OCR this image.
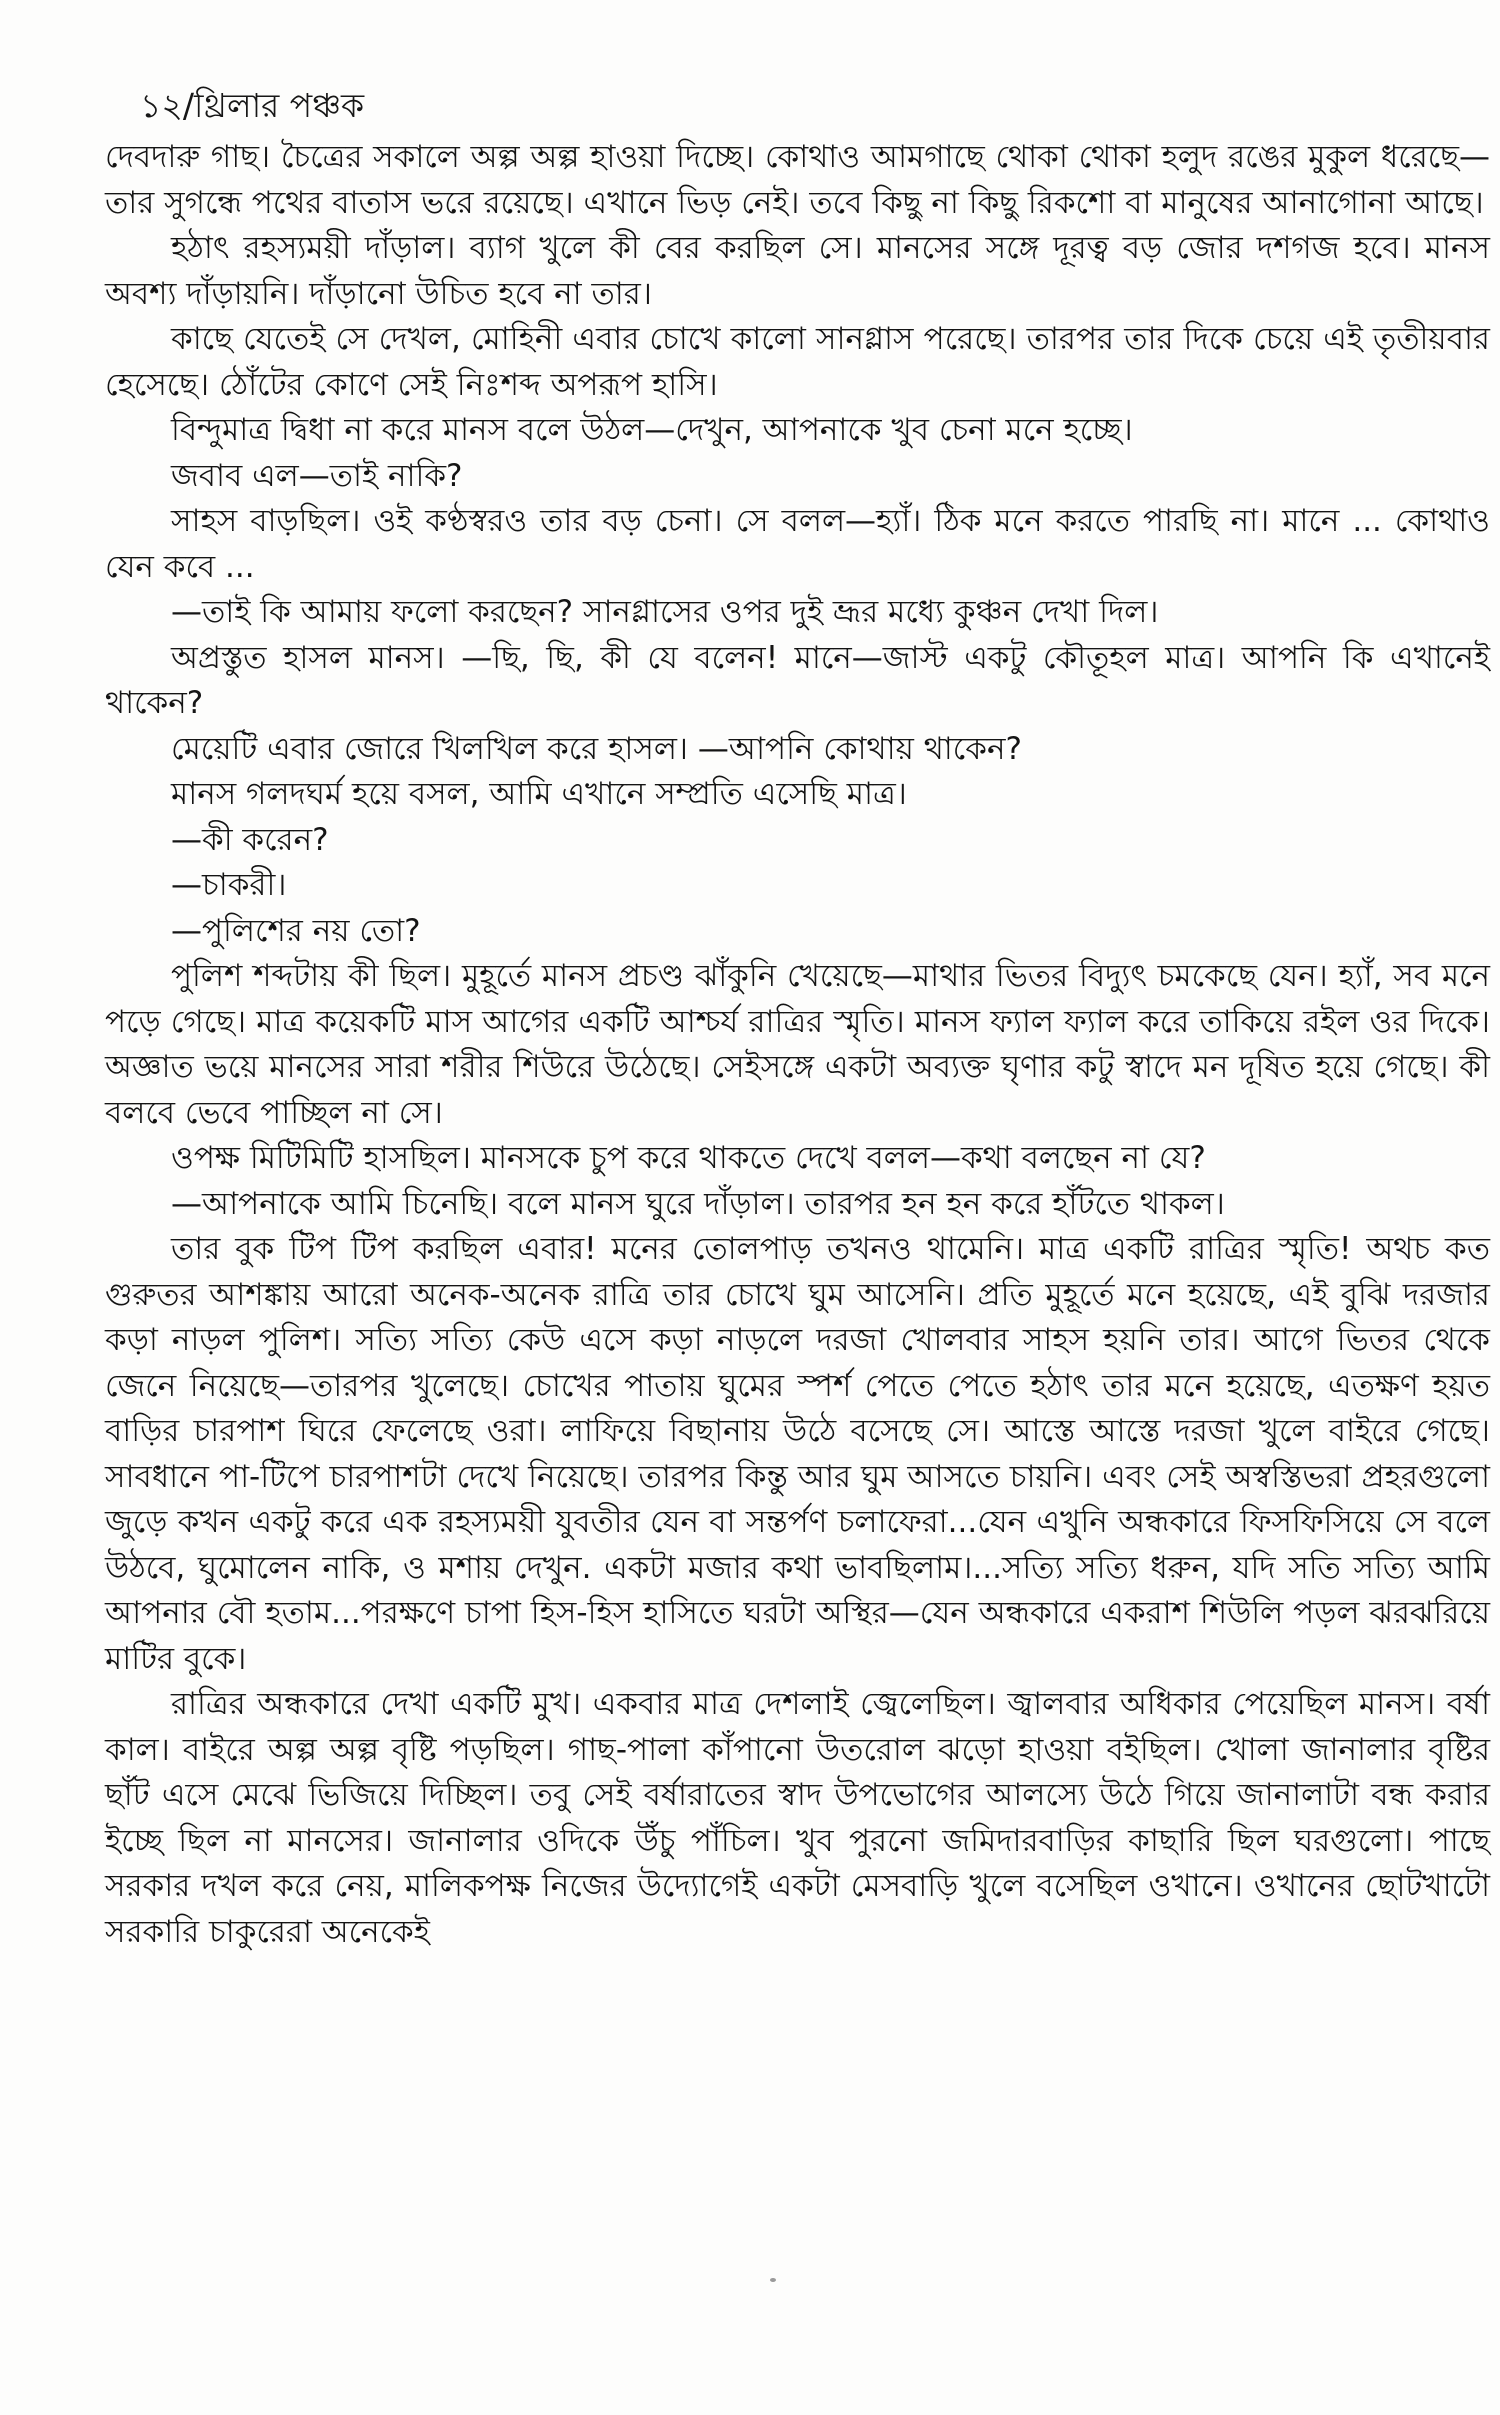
১২/থ্রিলার পঞ্চক

দেবদারু গাছ। চৈত্রের সকালে অল্প অল্প হাওয়া দিচ্ছে। কোথাও আমগাছে থোকা থোকা হলুদ রঙের মুকুল ধরেছে—তার সুগন্ধে পথের বাতাস ভরে রয়েছে। এখানে ভিড় নেই। তবে কিছু না কিছু রিকশো বা মানুষের আনাগোনা আছে।

হঠাৎ রহস্যময়ী দাঁড়াল। ব্যাগ খুলে কী বের করছিল সে। মানসের সঙ্গে দূরত্ব বড় জোর দশগজ হবে। মানস অবশ্য দাঁড়ায়নি। দাঁড়ানো উচিত হবে না তার।

কাছে যেতেই সে দেখল, মোহিনী এবার চোখে কালো সানগ্লাস পরেছে। তারপর তার দিকে চেয়ে এই তৃতীয়বার হেসেছে। ঠোঁটের কোণে সেই নিঃশব্দ অপরূপ হাসি।

বিন্দুমাত্র দ্বিধা না করে মানস বলে উঠল—দেখুন, আপনাকে খুব চেনা মনে হচ্ছে।

জবাব এল—তাই নাকি?

সাহস বাড়ছিল। ওই কণ্ঠস্বরও তার বড় চেনা। সে বলল—হ্যাঁ। ঠিক মনে করতে পারছি না। মানে ... কোথাও যেন কবে ...

—তাই কি আমায় ফলো করছেন? সানগ্লাসের ওপর দুই ভ্রূর মধ্যে কুঞ্চন দেখা দিল।

অপ্রস্তুত হাসল মানস। —ছি, ছি, কী যে বলেন! মানে—জাস্ট একটু কৌতূহল মাত্র। আপনি কি এখানেই থাকেন?

মেয়েটি এবার জোরে খিলখিল করে হাসল। —আপনি কোথায় থাকেন?

মানস গলদঘর্ম হয়ে বসল, আমি এখানে সম্প্রতি এসেছি মাত্র।

—কী করেন?

—চাকরী।

—পুলিশের নয় তো?

পুলিশ শব্দটায় কী ছিল। মুহূর্তে মানস প্রচণ্ড ঝাঁকুনি খেয়েছে—মাথার ভিতর বিদ্যুৎ চমকেছে যেন। হ্যাঁ, সব মনে পড়ে গেছে। মাত্র কয়েকটি মাস আগের একটি আশ্চর্য রাত্রির স্মৃতি। মানস ফ্যাল ফ্যাল করে তাকিয়ে রইল ওর দিকে। অজ্ঞাত ভয়ে মানসের সারা শরীর শিউরে উঠেছে। সেইসঙ্গে একটা অব্যক্ত ঘৃণার কটু স্বাদে মন দূষিত হয়ে গেছে। কী বলবে ভেবে পাচ্ছিল না সে।

ওপক্ষ মিটিমিটি হাসছিল। মানসকে চুপ করে থাকতে দেখে বলল—কথা বলছেন না যে?

—আপনাকে আমি চিনেছি। বলে মানস ঘুরে দাঁড়াল। তারপর হন হন করে হাঁটতে থাকল।

তার বুক টিপ টিপ করছিল এবার! মনের তোলপাড় তখনও থামেনি। মাত্র একটি রাত্রির স্মৃতি! অথচ কত গুরুতর আশঙ্কায় আরো অনেক-অনেক রাত্রি তার চোখে ঘুম আসেনি। প্রতি মুহূর্তে মনে হয়েছে, এই বুঝি দরজার কড়া নাড়ল পুলিশ। সত্যি সত্যি কেউ এসে কড়া নাড়লে দরজা খোলবার সাহস হয়নি তার। আগে ভিতর থেকে জেনে নিয়েছে—তারপর খুলেছে। চোখের পাতায় ঘুমের স্পর্শ পেতে পেতে হঠাৎ তার মনে হয়েছে, এতক্ষণ হয়ত বাড়ির চারপাশ ঘিরে ফেলেছে ওরা। লাফিয়ে বিছানায় উঠে বসেছে সে। আস্তে আস্তে দরজা খুলে বাইরে গেছে। সাবধানে পা-টিপে চারপাশটা দেখে নিয়েছে। তারপর কিন্তু আর ঘুম আসতে চায়নি। এবং সেই অস্বস্তিভরা প্রহরগুলো জুড়ে কখন একটু করে এক রহস্যময়ী যুবতীর যেন বা সন্তর্পণ চলাফেরা...যেন এখুনি অন্ধকারে ফিসফিসিয়ে সে বলে উঠবে, ঘুমোলেন নাকি, ও মশায় দেখুন. একটা মজার কথা ভাবছিলাম।...সত্যি সত্যি ধরুন, যদি সতি সত্যি আমি আপনার বৌ হতাম...পরক্ষণে চাপা হিস-হিস হাসিতে ঘরটা অস্থির—যেন অন্ধকারে একরাশ শিউলি পড়ল ঝরঝরিয়ে মাটির বুকে।

রাত্রির অন্ধকারে দেখা একটি মুখ। একবার মাত্র দেশলাই জ্বেলেছিল। জ্বালবার অধিকার পেয়েছিল মানস। বর্ষা কাল। বাইরে অল্প অল্প বৃষ্টি পড়ছিল। গাছ-পালা কাঁপানো উতরোল ঝড়ো হাওয়া বইছিল। খোলা জানালার বৃষ্টির ছাঁট এসে মেঝে ভিজিয়ে দিচ্ছিল। তবু সেই বর্ষারাতের স্বাদ উপভোগের আলস্যে উঠে গিয়ে জানালাটা বন্ধ করার ইচ্ছে ছিল না মানসের। জানালার ওদিকে উঁচু পাঁচিল। খুব পুরনো জমিদারবাড়ির কাছারি ছিল ঘরগুলো। পাছে সরকার দখল করে নেয়, মালিকপক্ষ নিজের উদ্যোগেই একটা মেসবাড়ি খুলে বসেছিল ওখানে। ওখানের ছোটখাটো সরকারি চাকুরেরা অনেকেই
